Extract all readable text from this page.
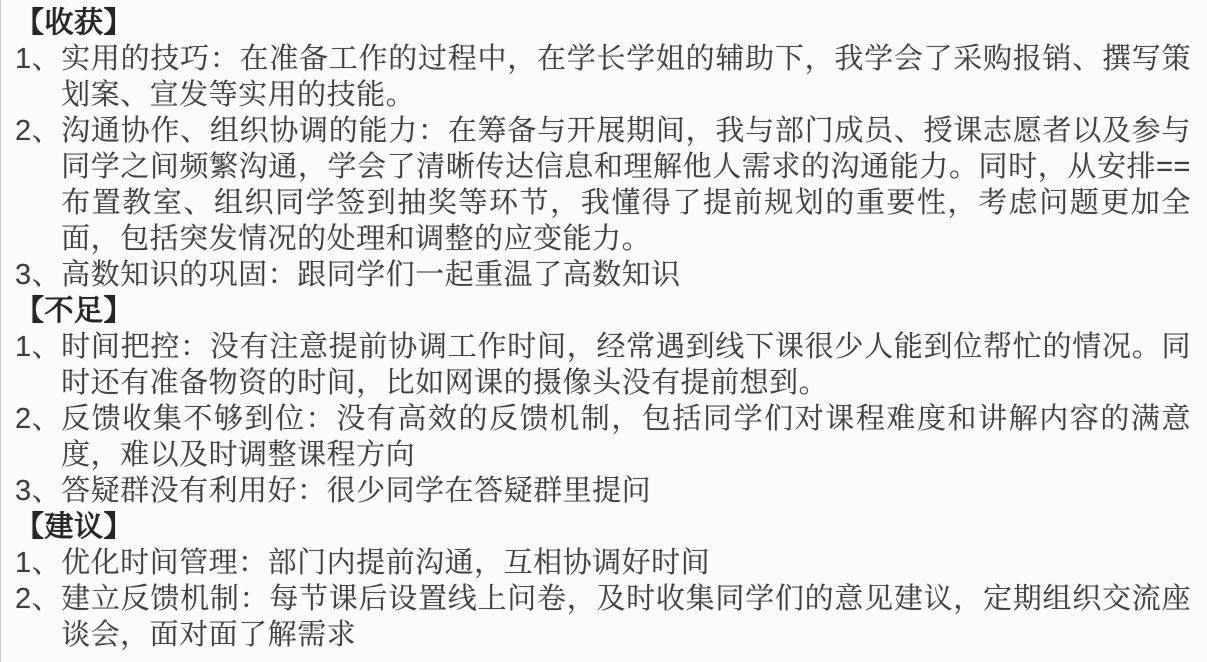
【收获】
1、 实用的技巧：在准备工作的过程中，在学长学姐的辅助下，我学会了采购报销、撰写策划案、宣发等实用的技能。
2、 沟通协作、组织协调的能力：在筹备与开展期间，我与部门成员、授课志愿者以及参与同学之间频繁沟通，学会了清晰传达信息和理解他人需求的沟通能力。同时，从安排==布置教室、组织同学签到抽奖等环节，我懂得了提前规划的重要性，考虑问题更加全面，包括突发情况的处理和调整的应变能力。
3、 高数知识的巩固：跟同学们一起重温了高数知识
【不足】
1、 时间把控：没有注意提前协调工作时间，经常遇到线下课很少人能到位帮忙的情况。同时还有准备物资的时间，比如网课的摄像头没有提前想到。
2、 反馈收集不够到位：没有高效的反馈机制，包括同学们对课程难度和讲解内容的满意度，难以及时调整课程方向
3、 答疑群没有利用好：很少同学在答疑群里提问
【建议】
1、 优化时间管理：部门内提前沟通，互相协调好时间
2、 建立反馈机制：每节课后设置线上问卷，及时收集同学们的意见建议，定期组织交流座谈会，面对面了解需求
